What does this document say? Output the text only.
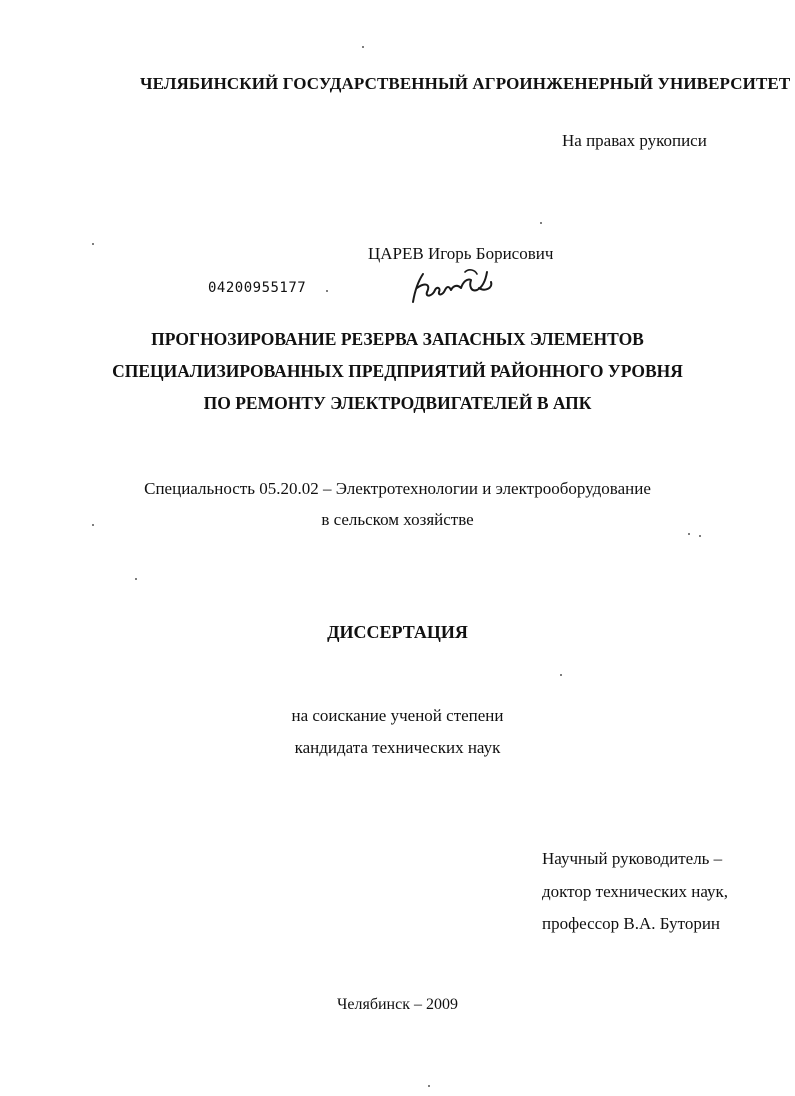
ЧЕЛЯБИНСКИЙ ГОСУДАРСТВЕННЫЙ АГРОИНЖЕНЕРНЫЙ УНИВЕРСИТЕТ
На правах рукописи
ЦАРЕВ Игорь Борисович
04200955177
ПРОГНОЗИРОВАНИЕ РЕЗЕРВА ЗАПАСНЫХ ЭЛЕМЕНТОВ
СПЕЦИАЛИЗИРОВАННЫХ ПРЕДПРИЯТИЙ РАЙОННОГО УРОВНЯ
ПО РЕМОНТУ ЭЛЕКТРОДВИГАТЕЛЕЙ В АПК
Специальность 05.20.02 – Электротехнологии и электрооборудование
в сельском хозяйстве
ДИССЕРТАЦИЯ
на соискание ученой степени
кандидата технических наук
Научный руководитель –
доктор технических наук,
профессор В.А. Буторин
Челябинск – 2009
